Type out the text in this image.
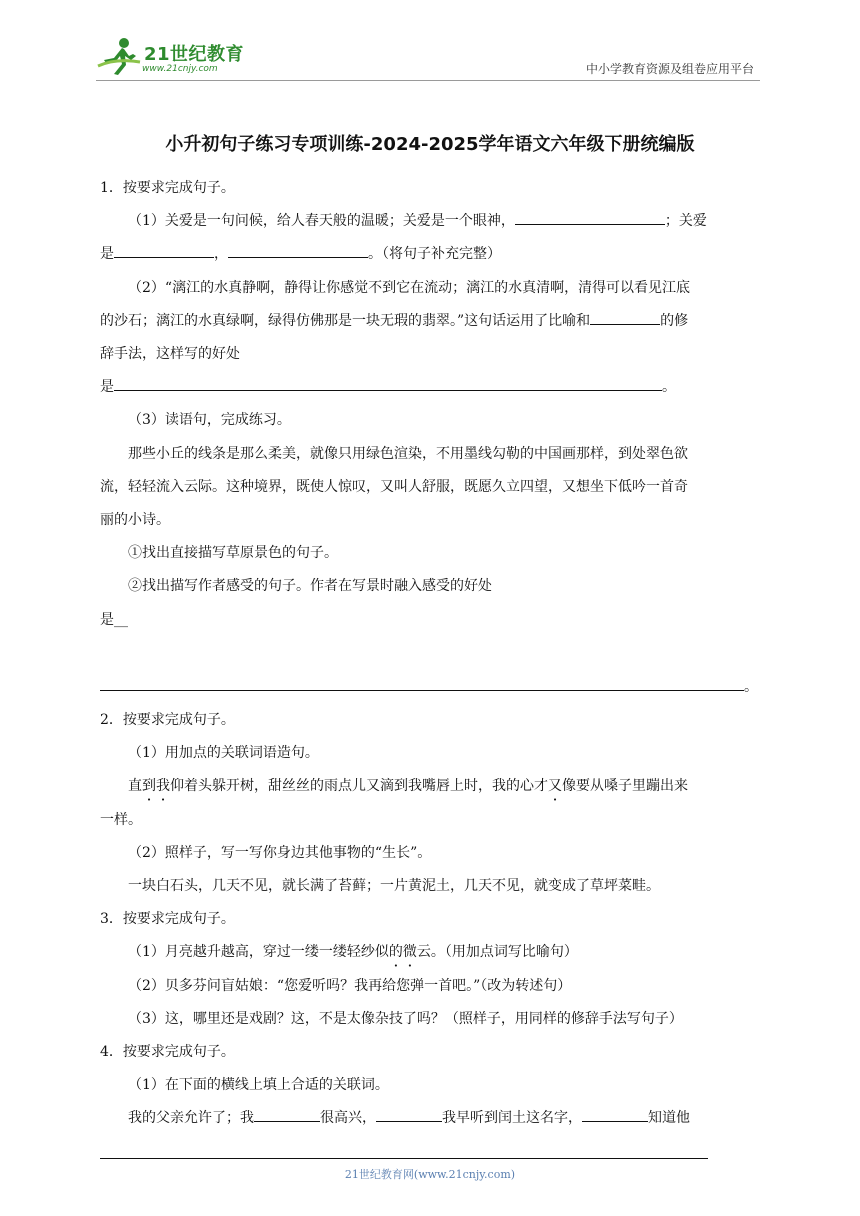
21世纪教育
www.21cnjy.com	中小学教育资源及组卷应用平台
小升初句子练习专项训练-2024-2025学年语文六年级下册统编版

1．按要求完成句子。

（1）关爱是一句问候，给人春天般的温暖；关爱是一个眼神，	；关爱

是	，	。（将句子补充完整）

（2）“漓江的水真静啊，静得让你感觉不到它在流动；漓江的水真清啊，清得可以看见江底

的沙石；漓江的水真绿啊，绿得仿佛那是一块无瑕的翡翠。”这句话运用了比喻和	的修

辞手法，这样写的好处

是	。

（3）读语句，完成练习。

那些小丘的线条是那么柔美，就像只用绿色渲染，不用墨线勾勒的中国画那样，到处翠色欲

流，轻轻流入云际。这种境界，既使人惊叹，又叫人舒服，既愿久立四望，又想坐下低吟一首奇

丽的小诗。

①找出直接描写草原景色的句子。

②找出描写作者感受的句子。作者在写景时融入感受的好处

是__

。

2．按要求完成句子。

（1）用加点的关联词语造句。

直到我仰着头躲开树，甜丝丝的雨点儿又滴到我嘴唇上时，我的心才又像要从嗓子里蹦出来

一样。

（2）照样子，写一写你身边其他事物的“生长”。

一块白石头，几天不见，就长满了苔藓；一片黄泥土，几天不见，就变成了草坪菜畦。

3．按要求完成句子。

（1）月亮越升越高，穿过一缕一缕轻纱似的微云。（用加点词写比喻句）

（2）贝多芬问盲姑娘：“您爱听吗？我再给您弹一首吧。”（改为转述句）

（3）这，哪里还是戏剧？这，不是太像杂技了吗？（照样子，用同样的修辞手法写句子）

4．按要求完成句子。

（1）在下面的横线上填上合适的关联词。

我的父亲允许了；我	很高兴，	我早听到闰土这名字，	知道他

21世纪教育网(www.21cnjy.com)
